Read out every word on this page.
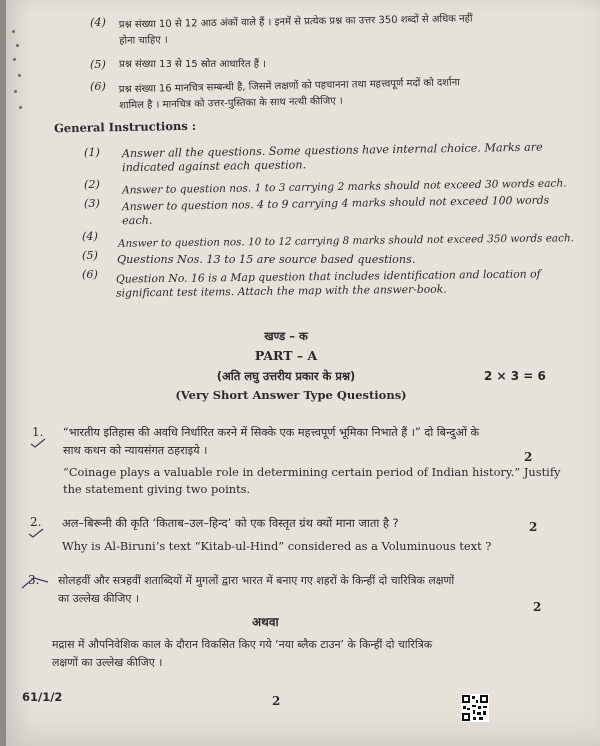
(4) प्रश्न संख्या 10 से 12 आठ अंकों वाले हैं । इनमें से प्रत्येक प्रश्न का उत्तर 350 शब्दों से अधिक नहीं
होना चाहिए ।
(5) प्रश्न संख्या 13 से 15 स्रोत आधारित हैं ।
(6) प्रश्न संख्या 16 मानचित्र सम्बन्धी है, जिसमें लक्षणों को पहचानना तथा महत्त्वपूर्ण मदों को दर्शाना
शामिल है । मानचित्र को उत्तर-पुस्तिका के साथ नत्थी कीजिए ।
General Instructions :
(1) Answer all the questions. Some questions have internal choice. Marks are
indicated against each question.
(2) Answer to question nos. 1 to 3 carrying 2 marks should not exceed 30 words each.
(3) Answer to question nos. 4 to 9 carrying 4 marks should not exceed 100 words
each.
(4) Answer to question nos. 10 to 12 carrying 8 marks should not exceed 350 words each.
(5) Questions Nos. 13 to 15 are source based questions.
(6) Question No. 16 is a Map question that includes identification and location of
significant test items. Attach the map with the answer-book.
खण्ड – क
PART – A
(अति लघु उत्तरीय प्रकार के प्रश्न)	2 × 3 = 6
(Very Short Answer Type Questions)
1. “भारतीय इतिहास की अवधि निर्धारित करने में सिक्के एक महत्त्वपूर्ण भूमिका निभाते हैं ।” दो बिन्दुओं के
साथ कथन को न्यायसंगत ठहराइये ।
“Coinage plays a valuable role in determining certain period of Indian history.” Justify
the statement giving two points.
2
2. अल–बिरूनी की कृति ‘किताब–उल–हिन्द’ को एक विस्तृत ग्रंथ क्यों माना जाता है ?
Why is Al-Biruni’s text “Kitab-ul-Hind” considered as a Voluminuous text ?
2
3. सोलहवीं और सत्रहवीं शताब्दियों में मुगलों द्वारा भारत में बनाए गए शहरों के किन्हीं दो चारित्रिक लक्षणों
का उल्लेख कीजिए ।
2
अथवा
मद्रास में औपनिवेशिक काल के दौरान विकसित किए गये ‘नया ब्लैक टाउन’ के किन्हीं दो चारित्रिक
लक्षणों का उल्लेख कीजिए ।
61/1/2	2
